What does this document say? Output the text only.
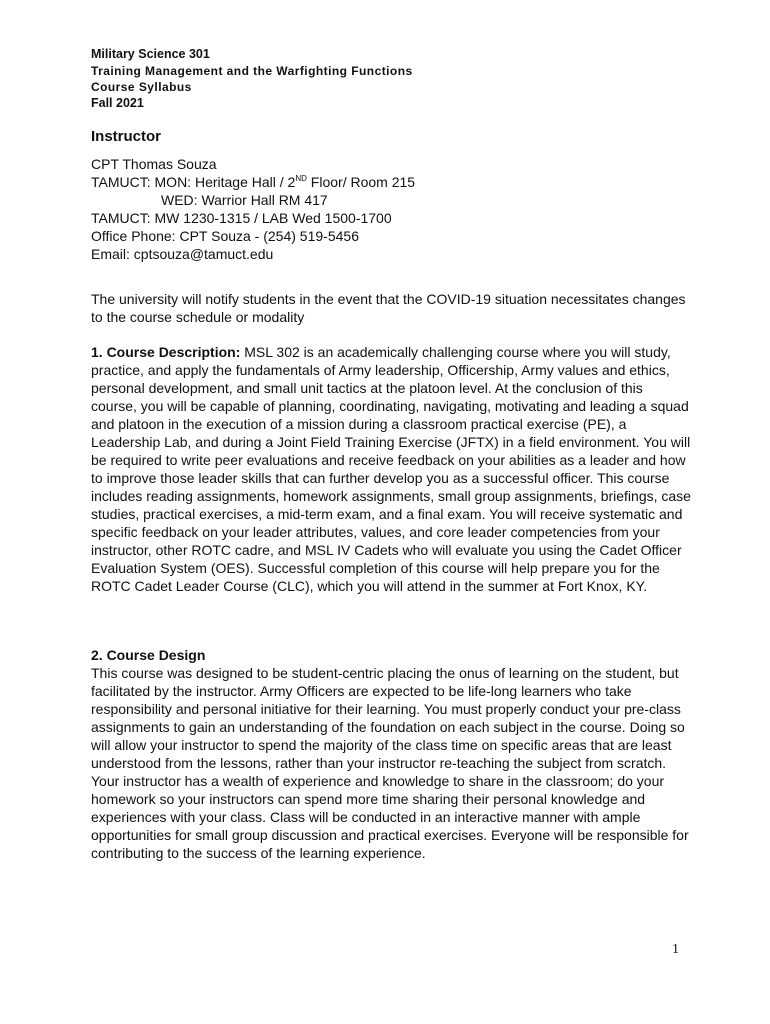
Military Science 301
Training Management and the Warfighting Functions
Course Syllabus
Fall 2021
Instructor
CPT Thomas Souza
TAMUCT: MON: Heritage Hall / 2ND Floor/ Room 215
WED: Warrior Hall RM 417
TAMUCT: MW 1230-1315 / LAB Wed 1500-1700
Office Phone: CPT Souza - (254) 519-5456
Email: cptsouza@tamuct.edu

The university will notify students in the event that the COVID-19 situation necessitates changes to the course schedule or modality

1. Course Description: MSL 302 is an academically challenging course where you will study, practice, and apply the fundamentals of Army leadership, Officership, Army values and ethics, personal development, and small unit tactics at the platoon level. At the conclusion of this course, you will be capable of planning, coordinating, navigating, motivating and leading a squad and platoon in the execution of a mission during a classroom practical exercise (PE), a Leadership Lab, and during a Joint Field Training Exercise (JFTX) in a field environment. You will be required to write peer evaluations and receive feedback on your abilities as a leader and how to improve those leader skills that can further develop you as a successful officer. This course includes reading assignments, homework assignments, small group assignments, briefings, case studies, practical exercises, a mid-term exam, and a final exam. You will receive systematic and specific feedback on your leader attributes, values, and core leader competencies from your instructor, other ROTC cadre, and MSL IV Cadets who will evaluate you using the Cadet Officer Evaluation System (OES). Successful completion of this course will help prepare you for the ROTC Cadet Leader Course (CLC), which you will attend in the summer at Fort Knox, KY.

2. Course Design

This course was designed to be student-centric placing the onus of learning on the student, but facilitated by the instructor. Army Officers are expected to be life-long learners who take responsibility and personal initiative for their learning. You must properly conduct your pre-class assignments to gain an understanding of the foundation on each subject in the course. Doing so will allow your instructor to spend the majority of the class time on specific areas that are least understood from the lessons, rather than your instructor re-teaching the subject from scratch. Your instructor has a wealth of experience and knowledge to share in the classroom; do your homework so your instructors can spend more time sharing their personal knowledge and experiences with your class. Class will be conducted in an interactive manner with ample opportunities for small group discussion and practical exercises. Everyone will be responsible for contributing to the success of the learning experience.

1
